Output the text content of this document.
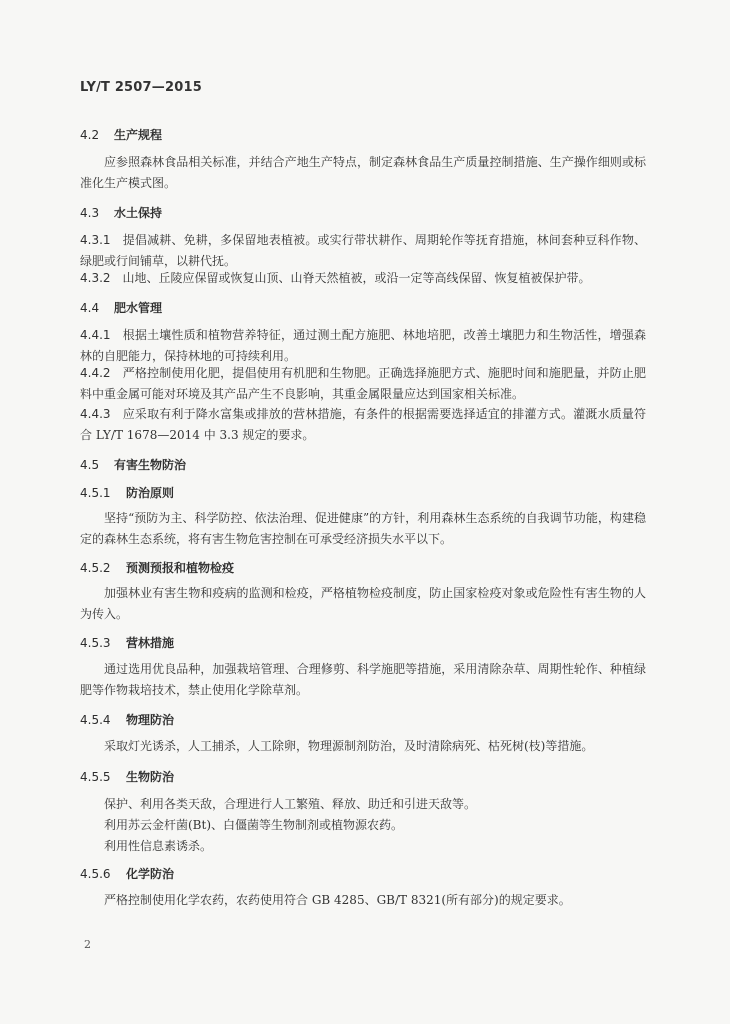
LY/T 2507—2015
4.2 生产规程
应参照森林食品相关标准，并结合产地生产特点，制定森林食品生产质量控制措施、生产操作细则或标准化生产模式图。
4.3 水土保持
4.3.1 提倡减耕、免耕，多保留地表植被。或实行带状耕作、周期轮作等抚育措施，林间套种豆科作物、绿肥或行间铺草，以耕代抚。
4.3.2 山地、丘陵应保留或恢复山顶、山脊天然植被，或沿一定等高线保留、恢复植被保护带。
4.4 肥水管理
4.4.1 根据土壤性质和植物营养特征，通过测土配方施肥、林地培肥，改善土壤肥力和生物活性，增强森林的自肥能力，保持林地的可持续利用。
4.4.2 严格控制使用化肥，提倡使用有机肥和生物肥。正确选择施肥方式、施肥时间和施肥量，并防止肥料中重金属可能对环境及其产品产生不良影响，其重金属限量应达到国家相关标准。
4.4.3 应采取有利于降水富集或排放的营林措施，有条件的根据需要选择适宜的排灌方式。灌溉水质量符合 LY/T 1678—2014 中 3.3 规定的要求。
4.5 有害生物防治
4.5.1 防治原则
坚持“预防为主、科学防控、依法治理、促进健康”的方针，利用森林生态系统的自我调节功能，构建稳定的森林生态系统，将有害生物危害控制在可承受经济损失水平以下。
4.5.2 预测预报和植物检疫
加强林业有害生物和疫病的监测和检疫，严格植物检疫制度，防止国家检疫对象或危险性有害生物的人为传入。
4.5.3 营林措施
通过选用优良品种，加强栽培管理、合理修剪、科学施肥等措施，采用清除杂草、周期性轮作、种植绿肥等作物栽培技术，禁止使用化学除草剂。
4.5.4 物理防治
采取灯光诱杀，人工捕杀，人工除卵，物理源制剂防治，及时清除病死、枯死树(枝)等措施。
4.5.5 生物防治
保护、利用各类天敌，合理进行人工繁殖、释放、助迁和引进天敌等。
利用苏云金杆菌(Bt)、白僵菌等生物制剂或植物源农药。
利用性信息素诱杀。
4.5.6 化学防治
严格控制使用化学农药，农药使用符合 GB 4285、GB/T 8321(所有部分)的规定要求。
2
